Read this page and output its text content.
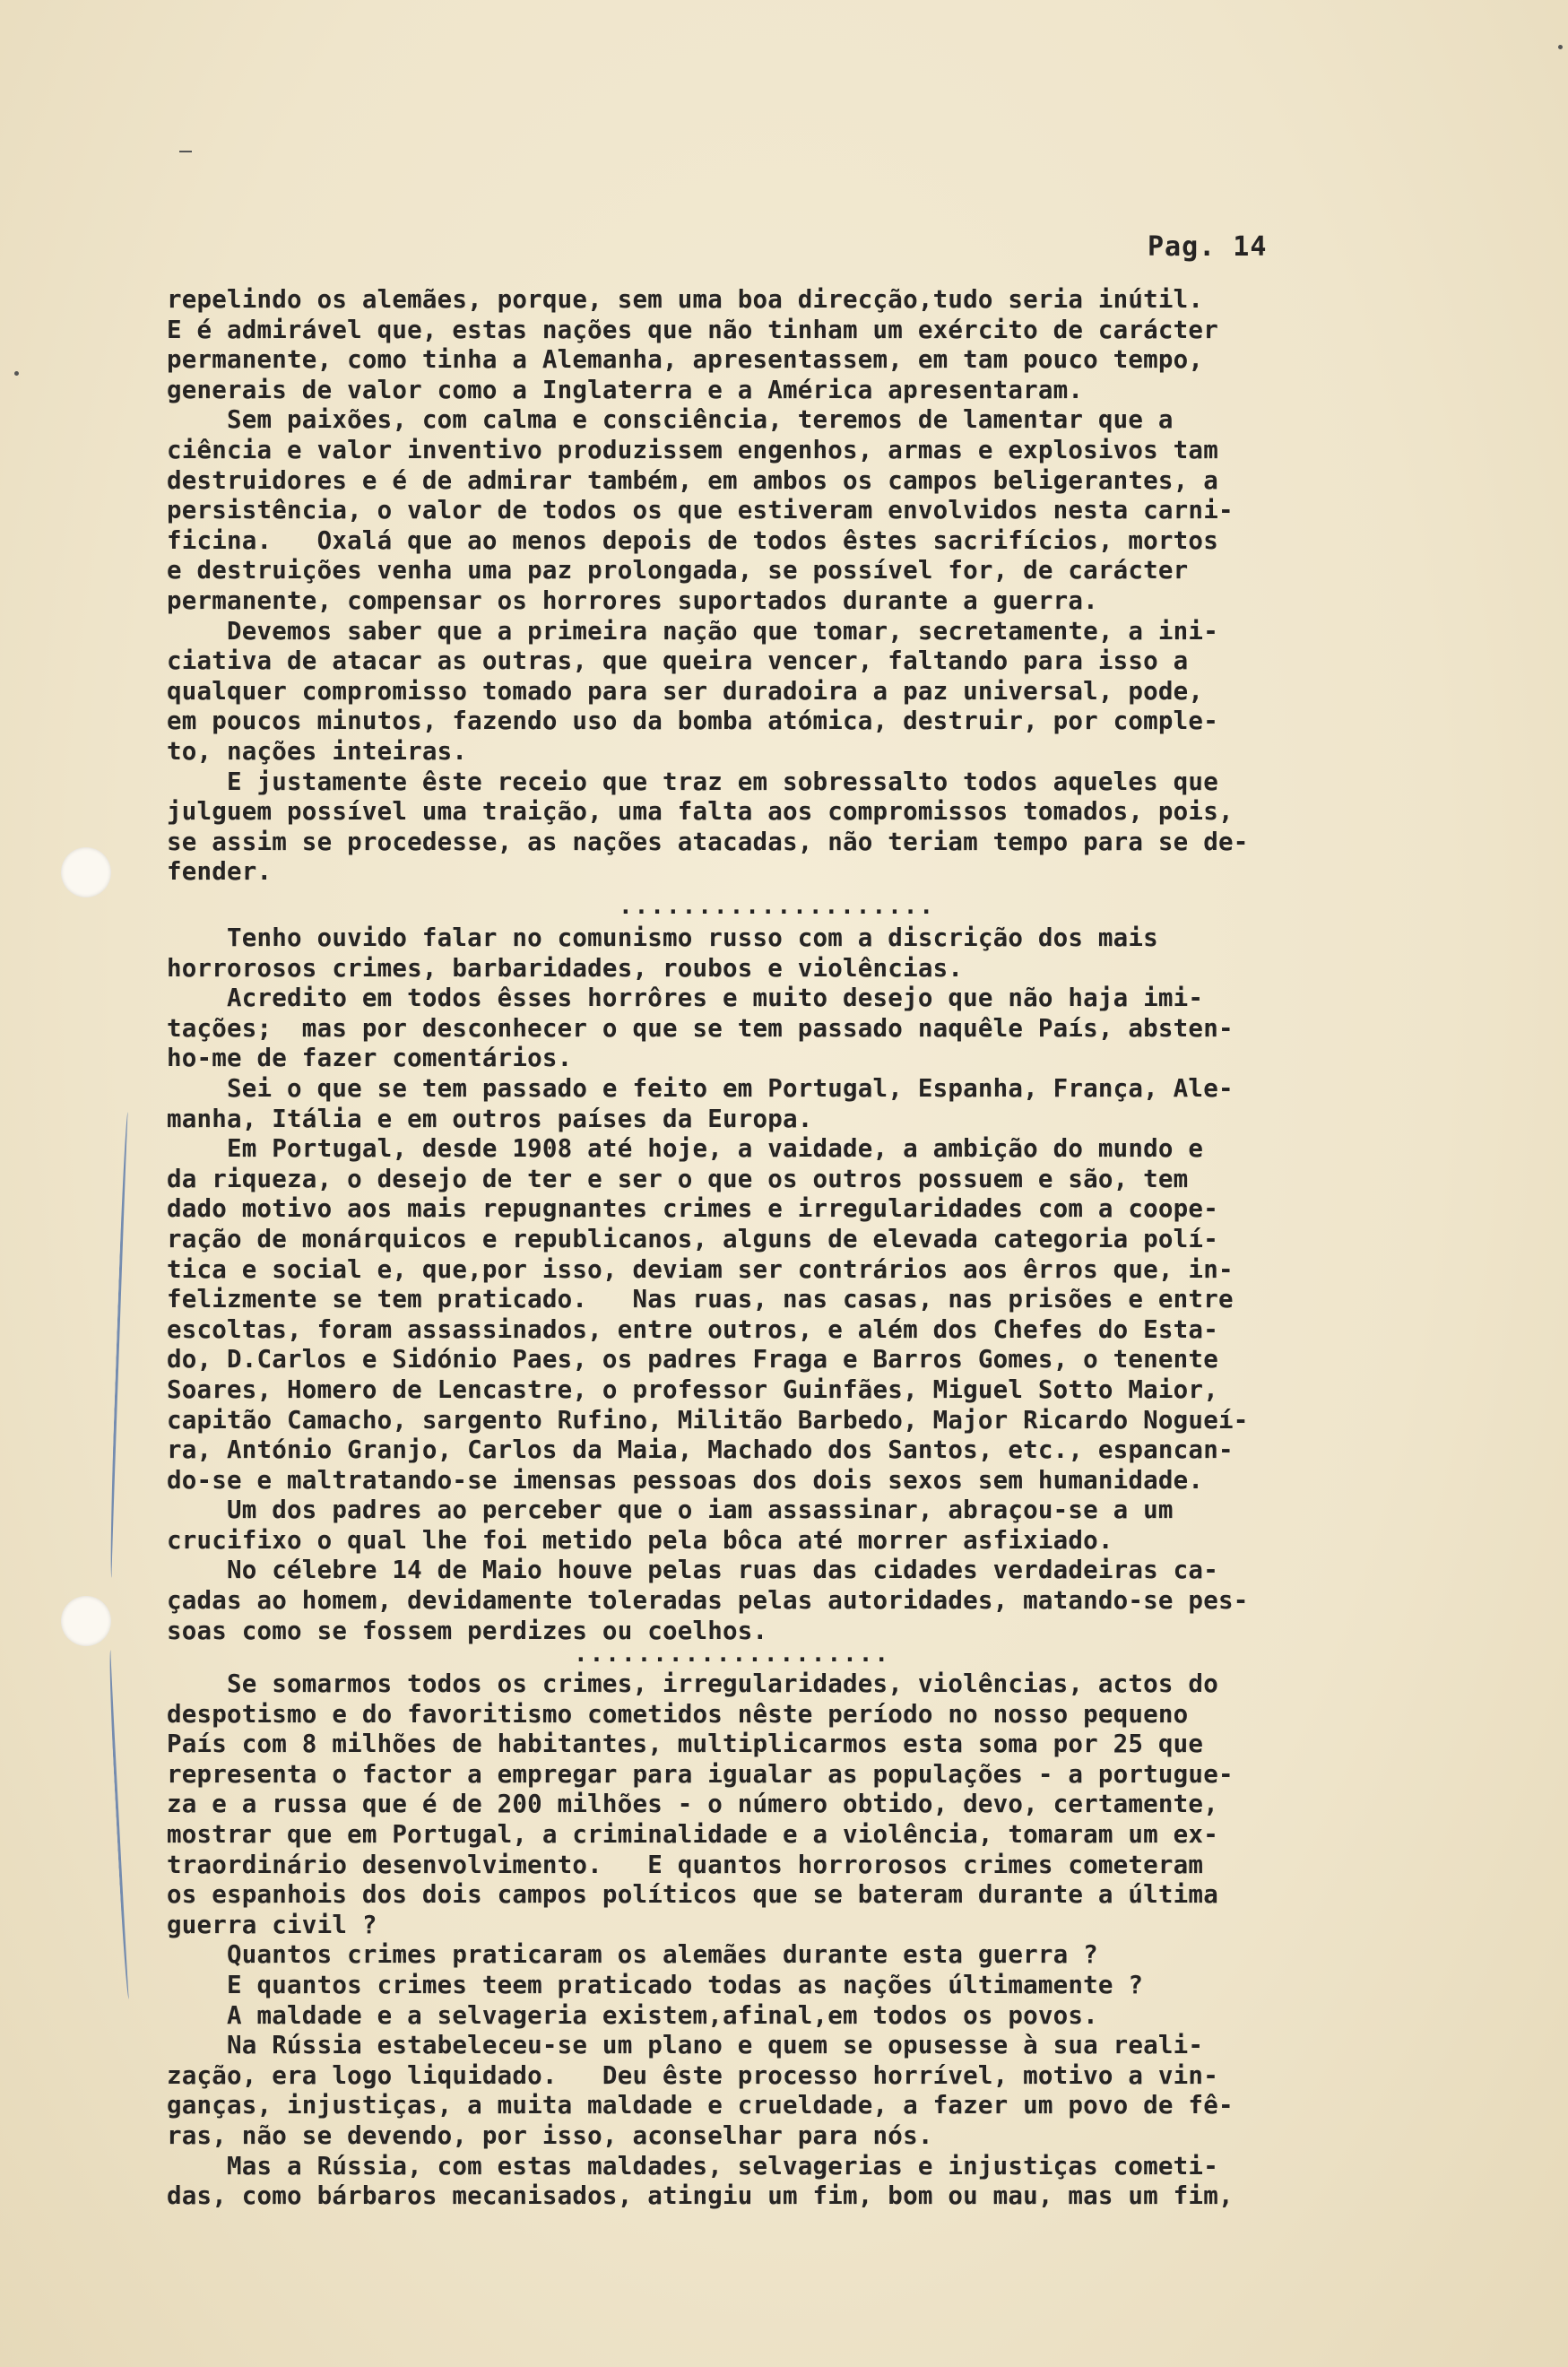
Pag. 14
repelindo os alemães, porque, sem uma boa direcção,tudo seria inútil.
E é admirável que, estas nações que não tinham um exército de carácter
permanente, como tinha a Alemanha, apresentassem, em tam pouco tempo,
generais de valor como a Inglaterra e a América apresentaram.
Sem paixões, com calma e consciência, teremos de lamentar que a
ciência e valor inventivo produzissem engenhos, armas e explosivos tam
destruidores e é de admirar também, em ambos os campos beligerantes, a
persistência, o valor de todos os que estiveram envolvidos nesta carni-
ficina.   Oxalá que ao menos depois de todos êstes sacrifícios, mortos
e destruições venha uma paz prolongada, se possível for, de carácter
permanente, compensar os horrores suportados durante a guerra.
Devemos saber que a primeira nação que tomar, secretamente, a ini-
ciativa de atacar as outras, que queira vencer, faltando para isso a
qualquer compromisso tomado para ser duradoira a paz universal, pode,
em poucos minutos, fazendo uso da bomba atómica, destruir, por comple-
to, nações inteiras.
E justamente êste receio que traz em sobressalto todos aqueles que
julguem possível uma traição, uma falta aos compromissos tomados, pois,
se assim se procedesse, as nações atacadas, não teriam tempo para se de-
fender.
....................
Tenho ouvido falar no comunismo russo com a discrição dos mais
horrorosos crimes, barbaridades, roubos e violências.
Acredito em todos êsses horrôres e muito desejo que não haja imi-
tações;  mas por desconhecer o que se tem passado naquêle País, absten-
ho-me de fazer comentários.
Sei o que se tem passado e feito em Portugal, Espanha, França, Ale-
manha, Itália e em outros países da Europa.
Em Portugal, desde 1908 até hoje, a vaidade, a ambição do mundo e
da riqueza, o desejo de ter e ser o que os outros possuem e são, tem
dado motivo aos mais repugnantes crimes e irregularidades com a coope-
ração de monárquicos e republicanos, alguns de elevada categoria polí-
tica e social e, que,por isso, deviam ser contrários aos êrros que, in-
felizmente se tem praticado.   Nas ruas, nas casas, nas prisões e entre
escoltas, foram assassinados, entre outros, e além dos Chefes do Esta-
do, D.Carlos e Sidónio Paes, os padres Fraga e Barros Gomes, o tenente
Soares, Homero de Lencastre, o professor Guinfães, Miguel Sotto Maior,
capitão Camacho, sargento Rufino, Militão Barbedo, Major Ricardo Nogueí-
ra, António Granjo, Carlos da Maia, Machado dos Santos, etc., espancan-
do-se e maltratando-se imensas pessoas dos dois sexos sem humanidade.
Um dos padres ao perceber que o iam assassinar, abraçou-se a um
crucifixo o qual lhe foi metido pela bôca até morrer asfixiado.
No célebre 14 de Maio houve pelas ruas das cidades verdadeiras ca-
çadas ao homem, devidamente toleradas pelas autoridades, matando-se pes-
soas como se fossem perdizes ou coelhos.
....................
Se somarmos todos os crimes, irregularidades, violências, actos do
despotismo e do favoritismo cometidos nêste período no nosso pequeno
País com 8 milhões de habitantes, multiplicarmos esta soma por 25 que
representa o factor a empregar para igualar as populações - a portugue-
za e a russa que é de 200 milhões - o número obtido, devo, certamente,
mostrar que em Portugal, a criminalidade e a violência, tomaram um ex-
traordinário desenvolvimento.   E quantos horrorosos crimes cometeram
os espanhois dos dois campos políticos que se bateram durante a última
guerra civil ?
Quantos crimes praticaram os alemães durante esta guerra ?
E quantos crimes teem praticado todas as nações últimamente ?
A maldade e a selvageria existem,afinal,em todos os povos.
Na Rússia estabeleceu-se um plano e quem se opusesse à sua reali-
zação, era logo liquidado.   Deu êste processo horrível, motivo a vin-
ganças, injustiças, a muita maldade e crueldade, a fazer um povo de fê-
ras, não se devendo, por isso, aconselhar para nós.
Mas a Rússia, com estas maldades, selvagerias e injustiças cometi-
das, como bárbaros mecanisados, atingiu um fim, bom ou mau, mas um fim,
